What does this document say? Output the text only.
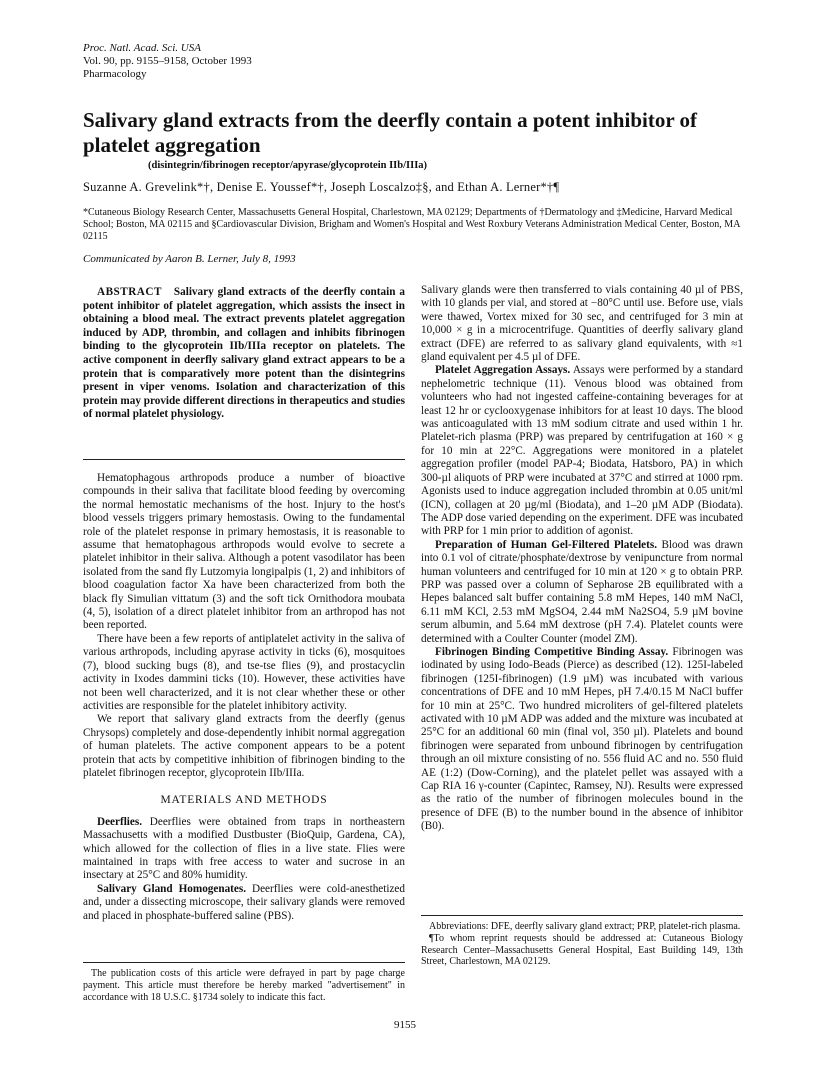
Proc. Natl. Acad. Sci. USA
Vol. 90, pp. 9155–9158, October 1993
Pharmacology
Salivary gland extracts from the deerfly contain a potent inhibitor of platelet aggregation
(disintegrin/fibrinogen receptor/apyrase/glycoprotein IIb/IIIa)
Suzanne A. Grevelink*†, Denise E. Youssef*†, Joseph Loscalzo‡§, and Ethan A. Lerner*†¶
*Cutaneous Biology Research Center, Massachusetts General Hospital, Charlestown, MA 02129; Departments of †Dermatology and ‡Medicine, Harvard Medical School; Boston, MA 02115 and §Cardiovascular Division, Brigham and Women's Hospital and West Roxbury Veterans Administration Medical Center, Boston, MA 02115
Communicated by Aaron B. Lerner, July 8, 1993

ABSTRACT Salivary gland extracts of the deerfly contain a potent inhibitor of platelet aggregation, which assists the insect in obtaining a blood meal. The extract prevents platelet aggregation induced by ADP, thrombin, and collagen and inhibits fibrinogen binding to the glycoprotein IIb/IIIa receptor on platelets. The active component in deerfly salivary gland extract appears to be a protein that is comparatively more potent than the disintegrins present in viper venoms. Isolation and characterization of this protein may provide different directions in therapeutics and studies of normal platelet physiology.

Hematophagous arthropods produce a number of bioactive compounds in their saliva that facilitate blood feeding by overcoming the normal hemostatic mechanisms of the host. Injury to the host's blood vessels triggers primary hemostasis. Owing to the fundamental role of the platelet response in primary hemostasis, it is reasonable to assume that hematophagous arthropods would evolve to secrete a platelet inhibitor in their saliva. Although a potent vasodilator has been isolated from the sand fly Lutzomyia longipalpis (1, 2) and inhibitors of blood coagulation factor Xa have been characterized from both the black fly Simulian vittatum (3) and the soft tick Ornithodora moubata (4, 5), isolation of a direct platelet inhibitor from an arthropod has not been reported.

There have been a few reports of antiplatelet activity in the saliva of various arthropods, including apyrase activity in ticks (6), mosquitoes (7), blood sucking bugs (8), and tse-tse flies (9), and prostacyclin activity in Ixodes dammini ticks (10). However, these activities have not been well characterized, and it is not clear whether these or other activities are responsible for the platelet inhibitory activity.

We report that salivary gland extracts from the deerfly (genus Chrysops) completely and dose-dependently inhibit normal aggregation of human platelets. The active component appears to be a potent protein that acts by competitive inhibition of fibrinogen binding to the platelet fibrinogen receptor, glycoprotein IIb/IIIa.

MATERIALS AND METHODS

Deerflies. Deerflies were obtained from traps in northeastern Massachusetts with a modified Dustbuster (BioQuip, Gardena, CA), which allowed for the collection of flies in a live state. Flies were maintained in traps with free access to water and sucrose in an insectary at 25°C and 80% humidity.

Salivary Gland Homogenates. Deerflies were cold-anesthetized and, under a dissecting microscope, their salivary glands were removed and placed in phosphate-buffered saline (PBS).

The publication costs of this article were defrayed in part by page charge payment. This article must therefore be hereby marked "advertisement" in accordance with 18 U.S.C. §1734 solely to indicate this fact.

Salivary glands were then transferred to vials containing 40 µl of PBS, with 10 glands per vial, and stored at −80°C until use. Before use, vials were thawed, Vortex mixed for 30 sec, and centrifuged for 3 min at 10,000 × g in a microcentrifuge. Quantities of deerfly salivary gland extract (DFE) are referred to as salivary gland equivalents, with ≈1 gland equivalent per 4.5 µl of DFE.

Platelet Aggregation Assays. Assays were performed by a standard nephelometric technique (11). Venous blood was obtained from volunteers who had not ingested caffeine-containing beverages for at least 12 hr or cyclooxygenase inhibitors for at least 10 days. The blood was anticoagulated with 13 mM sodium citrate and used within 1 hr. Platelet-rich plasma (PRP) was prepared by centrifugation at 160 × g for 10 min at 22°C. Aggregations were monitored in a platelet aggregation profiler (model PAP-4; Biodata, Hatsboro, PA) in which 300-µl aliquots of PRP were incubated at 37°C and stirred at 1000 rpm. Agonists used to induce aggregation included thrombin at 0.05 unit/ml (ICN), collagen at 20 µg/ml (Biodata), and 1–20 µM ADP (Biodata). The ADP dose varied depending on the experiment. DFE was incubated with PRP for 1 min prior to addition of agonist.

Preparation of Human Gel-Filtered Platelets. Blood was drawn into 0.1 vol of citrate/phosphate/dextrose by venipuncture from normal human volunteers and centrifuged for 10 min at 120 × g to obtain PRP. PRP was passed over a column of Sepharose 2B equilibrated with a Hepes balanced salt buffer containing 5.8 mM Hepes, 140 mM NaCl, 6.11 mM KCl, 2.53 mM MgSO4, 2.44 mM Na2SO4, 5.9 µM bovine serum albumin, and 5.64 mM dextrose (pH 7.4). Platelet counts were determined with a Coulter Counter (model ZM).

Fibrinogen Binding Competitive Binding Assay. Fibrinogen was iodinated by using Iodo-Beads (Pierce) as described (12). 125I-labeled fibrinogen (125I-fibrinogen) (1.9 µM) was incubated with various concentrations of DFE and 10 mM Hepes, pH 7.4/0.15 M NaCl buffer for 10 min at 25°C. Two hundred microliters of gel-filtered platelets activated with 10 µM ADP was added and the mixture was incubated at 25°C for an additional 60 min (final vol, 350 µl). Platelets and bound fibrinogen were separated from unbound fibrinogen by centrifugation through an oil mixture consisting of no. 556 fluid AC and no. 550 fluid AE (1:2) (Dow-Corning), and the platelet pellet was assayed with a Cap RIA 16 γ-counter (Capintec, Ramsey, NJ). Results were expressed as the ratio of the number of fibrinogen molecules bound in the presence of DFE (B) to the number bound in the absence of inhibitor (B0).

Abbreviations: DFE, deerfly salivary gland extract; PRP, platelet-rich plasma.

¶To whom reprint requests should be addressed at: Cutaneous Biology Research Center–Massachusetts General Hospital, East Building 149, 13th Street, Charlestown, MA 02129.

9155
